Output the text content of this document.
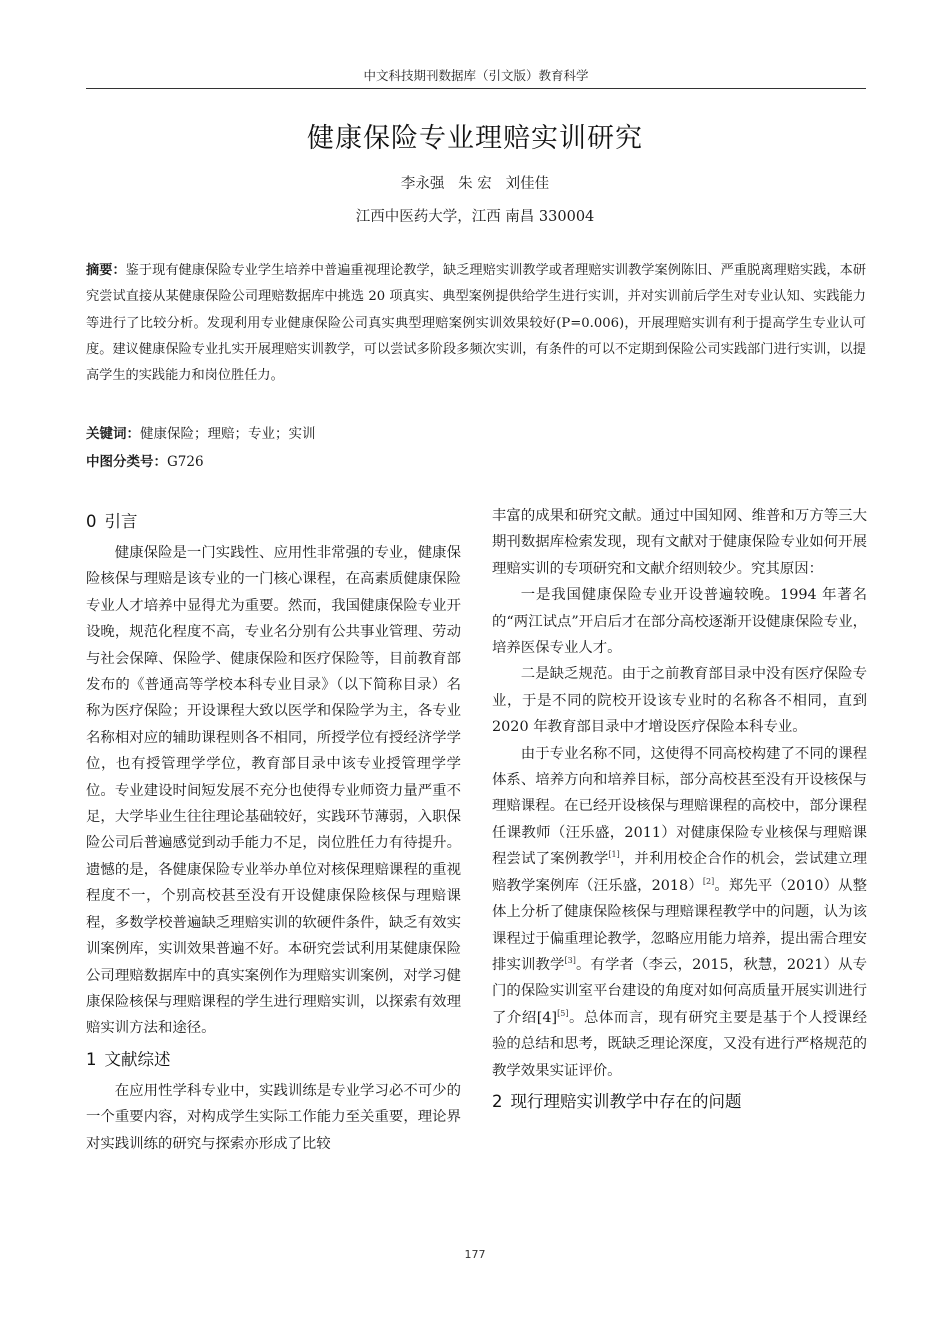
中文科技期刊数据库（引文版）教育科学
健康保险专业理赔实训研究
李永强   朱 宏   刘佳佳
江西中医药大学，江西 南昌 330004

摘要：鉴于现有健康保险专业学生培养中普遍重视理论教学，缺乏理赔实训教学或者理赔实训教学案例陈旧、严重脱离理赔实践，本研究尝试直接从某健康保险公司理赔数据库中挑选 20 项真实、典型案例提供给学生进行实训，并对实训前后学生对专业认知、实践能力等进行了比较分析。发现利用专业健康保险公司真实典型理赔案例实训效果较好(P=0.006)，开展理赔实训有利于提高学生专业认可度。建议健康保险专业扎实开展理赔实训教学，可以尝试多阶段多频次实训，有条件的可以不定期到保险公司实践部门进行实训，以提高学生的实践能力和岗位胜任力。

关键词：健康保险；理赔；专业；实训
中图分类号：G726
0 引言

健康保险是一门实践性、应用性非常强的专业，健康保险核保与理赔是该专业的一门核心课程，在高素质健康保险专业人才培养中显得尤为重要。然而，我国健康保险专业开设晚，规范化程度不高，专业名分别有公共事业管理、劳动与社会保障、保险学、健康保险和医疗保险等，目前教育部发布的《普通高等学校本科专业目录》（以下简称目录）名称为医疗保险；开设课程大致以医学和保险学为主，各专业名称相对应的辅助课程则各不相同，所授学位有授经济学学位，也有授管理学学位，教育部目录中该专业授管理学学位。专业建设时间短发展不充分也使得专业师资力量严重不足，大学毕业生往往理论基础较好，实践环节薄弱，入职保险公司后普遍感觉到动手能力不足，岗位胜任力有待提升。遗憾的是，各健康保险专业举办单位对核保理赔课程的重视程度不一，个别高校甚至没有开设健康保险核保与理赔课程，多数学校普遍缺乏理赔实训的软硬件条件，缺乏有效实训案例库，实训效果普遍不好。本研究尝试利用某健康保险公司理赔数据库中的真实案例作为理赔实训案例，对学习健康保险核保与理赔课程的学生进行理赔实训，以探索有效理赔实训方法和途径。

1 文献综述

在应用性学科专业中，实践训练是专业学习必不可少的一个重要内容，对构成学生实际工作能力至关重要，理论界对实践训练的研究与探索亦形成了比较

丰富的成果和研究文献。通过中国知网、维普和万方等三大期刊数据库检索发现，现有文献对于健康保险专业如何开展理赔实训的专项研究和文献介绍则较少。究其原因：

一是我国健康保险专业开设普遍较晚。1994 年著名的“两江试点”开启后才在部分高校逐渐开设健康保险专业，培养医保专业人才。

二是缺乏规范。由于之前教育部目录中没有医疗保险专业，于是不同的院校开设该专业时的名称各不相同，直到 2020 年教育部目录中才增设医疗保险本科专业。

由于专业名称不同，这使得不同高校构建了不同的课程体系、培养方向和培养目标，部分高校甚至没有开设核保与理赔课程。在已经开设核保与理赔课程的高校中，部分课程任课教师（汪乐盛，2011）对健康保险专业核保与理赔课程尝试了案例教学[1]，并利用校企合作的机会，尝试建立理赔教学案例库（汪乐盛，2018）[2]。郑先平（2010）从整体上分析了健康保险核保与理赔课程教学中的问题，认为该课程过于偏重理论教学，忽略应用能力培养，提出需合理安排实训教学[3]。有学者（李云，2015，秋慧，2021）从专门的保险实训室平台建设的角度对如何高质量开展实训进行了介绍[4][5]。总体而言，现有研究主要是基于个人授课经验的总结和思考，既缺乏理论深度，又没有进行严格规范的教学效果实证评价。

2 现行理赔实训教学中存在的问题
177
